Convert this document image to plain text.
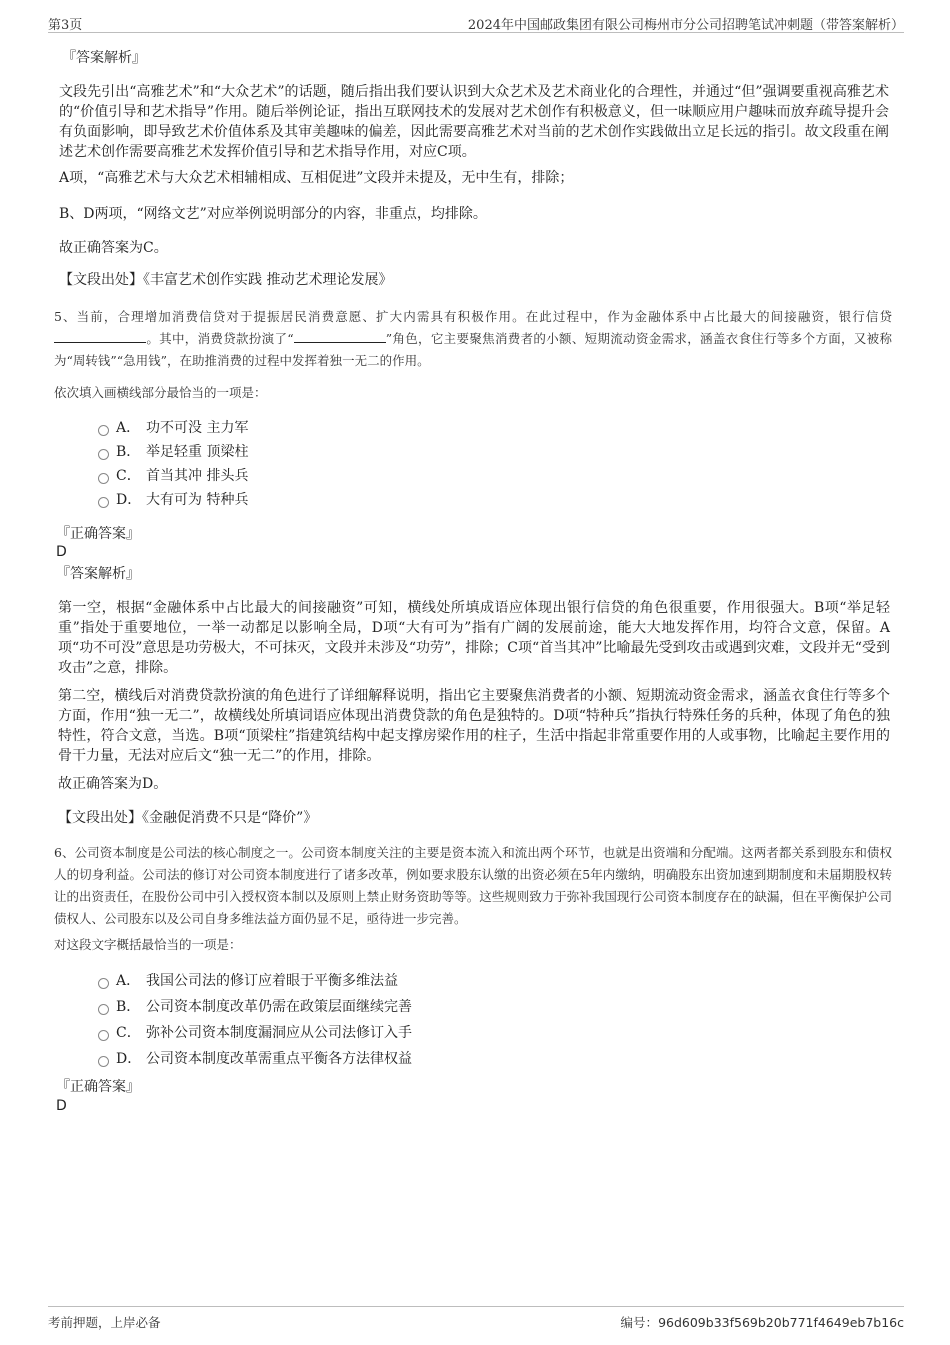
第3页	2024年中国邮政集团有限公司梅州市分公司招聘笔试冲刺题（带答案解析）
『答案解析』

文段先引出“高雅艺术”和“大众艺术”的话题，随后指出我们要认识到大众艺术及艺术商业化的合理性，并通过“但”强调要重视高雅艺术的“价值引导和艺术指导”作用。随后举例论证，指出互联网技术的发展对艺术创作有积极意义，但一味顺应用户趣味而放弃疏导提升会有负面影响，即导致艺术价值体系及其审美趣味的偏差，因此需要高雅艺术对当前的艺术创作实践做出立足长远的指引。故文段重在阐述艺术创作需要高雅艺术发挥价值引导和艺术指导作用，对应C项。

A项，“高雅艺术与大众艺术相辅相成、互相促进”文段并未提及，无中生有，排除；

B、D两项，“网络文艺”对应举例说明部分的内容，非重点，均排除。

故正确答案为C。

【文段出处】《丰富艺术创作实践 推动艺术理论发展》

5、当前，合理增加消费信贷对于提振居民消费意愿、扩大内需具有积极作用。在此过程中，作为金融体系中占比最大的间接融资，银行信贷。其中，消费贷款扮演了“	”角色，它主要聚焦消费者的小额、短期流动资金需求，涵盖衣食住行等多个方面，又被称为“周转钱”“急用钱”，在助推消费的过程中发挥着独一无二的作用。

依次填入画横线部分最恰当的一项是：

A． 功不可没 主力军
B． 举足轻重 顶梁柱
C． 首当其冲 排头兵
D． 大有可为 特种兵
『正确答案』
D
『答案解析』

第一空，根据“金融体系中占比最大的间接融资”可知，横线处所填成语应体现出银行信贷的角色很重要，作用很强大。B项“举足轻重”指处于重要地位，一举一动都足以影响全局，D项“大有可为”指有广阔的发展前途，能大大地发挥作用，均符合文意，保留。A项“功不可没”意思是功劳极大，不可抹灭，文段并未涉及“功劳”，排除；C项“首当其冲”比喻最先受到攻击或遇到灾难，文段并无“受到攻击”之意，排除。

第二空，横线后对消费贷款扮演的角色进行了详细解释说明，指出它主要聚焦消费者的小额、短期流动资金需求，涵盖衣食住行等多个方面，作用“独一无二”，故横线处所填词语应体现出消费贷款的角色是独特的。D项“特种兵”指执行特殊任务的兵种，体现了角色的独特性，符合文意，当选。B项“顶梁柱”指建筑结构中起支撑房梁作用的柱子，生活中指起非常重要作用的人或事物，比喻起主要作用的骨干力量，无法对应后文“独一无二”的作用，排除。

故正确答案为D。

【文段出处】《金融促消费不只是“降价”》

6、公司资本制度是公司法的核心制度之一。公司资本制度关注的主要是资本流入和流出两个环节，也就是出资端和分配端。这两者都关系到股东和债权人的切身利益。公司法的修订对公司资本制度进行了诸多改革，例如要求股东认缴的出资必须在5年内缴纳，明确股东出资加速到期制度和未届期股权转让的出资责任，在股份公司中引入授权资本制以及原则上禁止财务资助等等。这些规则致力于弥补我国现行公司资本制度存在的缺漏，但在平衡保护公司债权人、公司股东以及公司自身多维法益方面仍显不足，亟待进一步完善。

对这段文字概括最恰当的一项是：

A． 我国公司法的修订应着眼于平衡多维法益
B． 公司资本制度改革仍需在政策层面继续完善
C． 弥补公司资本制度漏洞应从公司法修订入手
D． 公司资本制度改革需重点平衡各方法律权益
『正确答案』
D
考前押题，上岸必备	编号：96d609b33f569b20b771f4649eb7b16c
